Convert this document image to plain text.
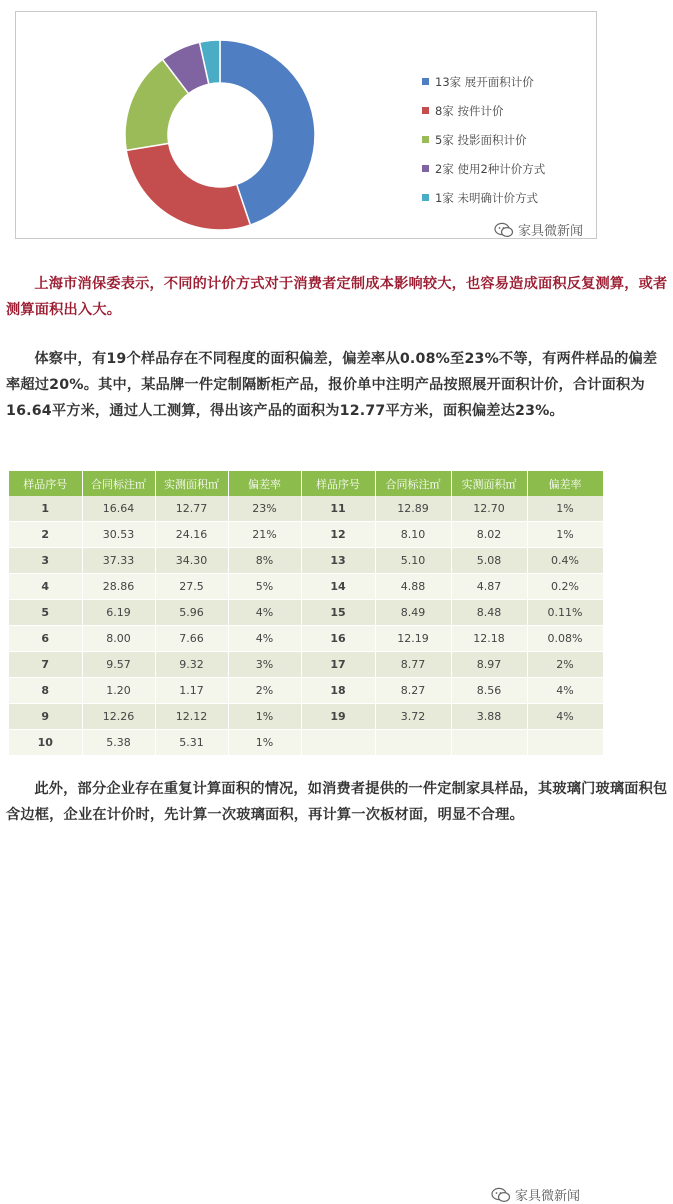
13家 展开面积计价
8家 按件计价
5家 投影面积计价
2家 使用2种计价方式
1家 未明确计价方式
家具微新闻

上海市消保委表示，不同的计价方式对于消费者定制成本影响较大，也容易造成面积反复测算，或者测算面积出入大。

体察中，有19个样品存在不同程度的面积偏差，偏差率从0.08%至23%不等，有两件样品的偏差率超过20%。其中，某品牌一件定制隔断柜产品，报价单中注明产品按照展开面积计价，合计面积为16.64平方米，通过人工测算，得出该产品的面积为12.77平方米，面积偏差达23%。

样品序号	合同标注㎡	实测面积㎡	偏差率	样品序号	合同标注㎡	实测面积㎡	偏差率
1	16.64	12.77	23%	11	12.89	12.70	1%
2	30.53	24.16	21%	12	8.10	8.02	1%
3	37.33	34.30	8%	13	5.10	5.08	0.4%
4	28.86	27.5	5%	14	4.88	4.87	0.2%
5	6.19	5.96	4%	15	8.49	8.48	0.11%
6	8.00	7.66	4%	16	12.19	12.18	0.08%
7	9.57	9.32	3%	17	8.77	8.97	2%
8	1.20	1.17	2%	18	8.27	8.56	4%
9	12.26	12.12	1%	19	3.72	3.88	4%
10	5.38	5.31	1%				
家具微新闻

此外，部分企业存在重复计算面积的情况，如消费者提供的一件定制家具样品，其玻璃门玻璃面积包含边框，企业在计价时，先计算一次玻璃面积，再计算一次板材面，明显不合理。
